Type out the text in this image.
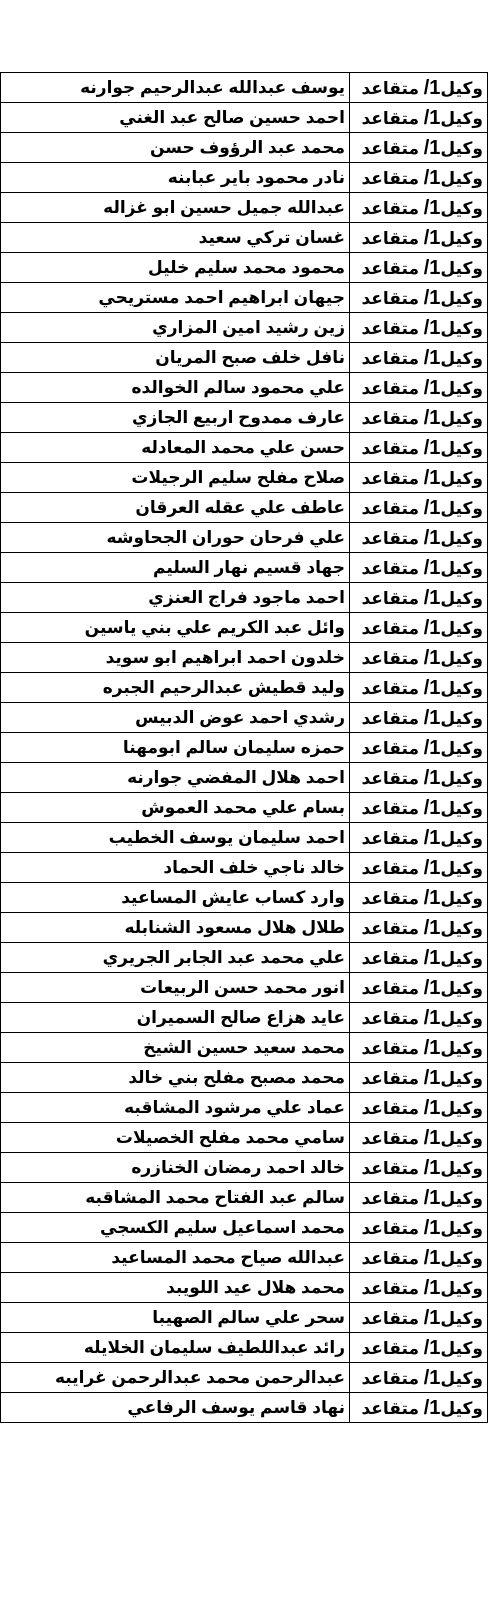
وكيل1/ متقاعد	يوسف عبدالله عبدالرحيم جوارنه
وكيل1/ متقاعد	احمد حسين صالح عبد الغني
وكيل1/ متقاعد	محمد عبد الرؤوف حسن
وكيل1/ متقاعد	نادر محمود باير عبابنه
وكيل1/ متقاعد	عبدالله جميل حسين ابو غزاله
وكيل1/ متقاعد	غسان تركي سعيد
وكيل1/ متقاعد	محمود محمد سليم خليل
وكيل1/ متقاعد	جيهان ابراهيم احمد مستريحي
وكيل1/ متقاعد	زين رشيد امين المزاري
وكيل1/ متقاعد	نافل خلف صبح المريان
وكيل1/ متقاعد	علي محمود سالم الخوالده
وكيل1/ متقاعد	عارف ممدوح اربيع الجازي
وكيل1/ متقاعد	حسن علي محمد المعادله
وكيل1/ متقاعد	صلاح مفلح سليم الرجيلات
وكيل1/ متقاعد	عاطف علي عقله العرقان
وكيل1/ متقاعد	علي فرحان حوران الجحاوشه
وكيل1/ متقاعد	جهاد قسيم نهار السليم
وكيل1/ متقاعد	احمد ماجود فراج العنزي
وكيل1/ متقاعد	وائل عبد الكريم علي بني ياسين
وكيل1/ متقاعد	خلدون احمد ابراهيم ابو سويد
وكيل1/ متقاعد	وليد قطيش عبدالرحيم الجبره
وكيل1/ متقاعد	رشدي احمد عوض الدبيس
وكيل1/ متقاعد	حمزه سليمان سالم ابومهنا
وكيل1/ متقاعد	احمد هلال المفضي جوارنه
وكيل1/ متقاعد	بسام علي محمد العموش
وكيل1/ متقاعد	احمد سليمان يوسف الخطيب
وكيل1/ متقاعد	خالد ناجي خلف الحماد
وكيل1/ متقاعد	وارد كساب عايش المساعيد
وكيل1/ متقاعد	طلال هلال مسعود الشنابله
وكيل1/ متقاعد	علي محمد عبد الجابر الجريري
وكيل1/ متقاعد	انور محمد حسن الربيعات
وكيل1/ متقاعد	عايد هزاع صالح السميران
وكيل1/ متقاعد	محمد سعيد حسين الشيخ
وكيل1/ متقاعد	محمد مصبح مفلح بني خالد
وكيل1/ متقاعد	عماد علي مرشود المشاقبه
وكيل1/ متقاعد	سامي محمد مفلح الخصيلات
وكيل1/ متقاعد	خالد احمد رمضان الخنازره
وكيل1/ متقاعد	سالم عبد الفتاح محمد المشاقبه
وكيل1/ متقاعد	محمد اسماعيل سليم الكسجي
وكيل1/ متقاعد	عبدالله صياح محمد المساعيد
وكيل1/ متقاعد	محمد هلال عيد اللويبد
وكيل1/ متقاعد	سحر علي سالم الصهيبا
وكيل1/ متقاعد	رائد عبداللطيف سليمان الخلايله
وكيل1/ متقاعد	عبدالرحمن محمد عبدالرحمن غرايبه
وكيل1/ متقاعد	نهاد قاسم يوسف الرفاعي
